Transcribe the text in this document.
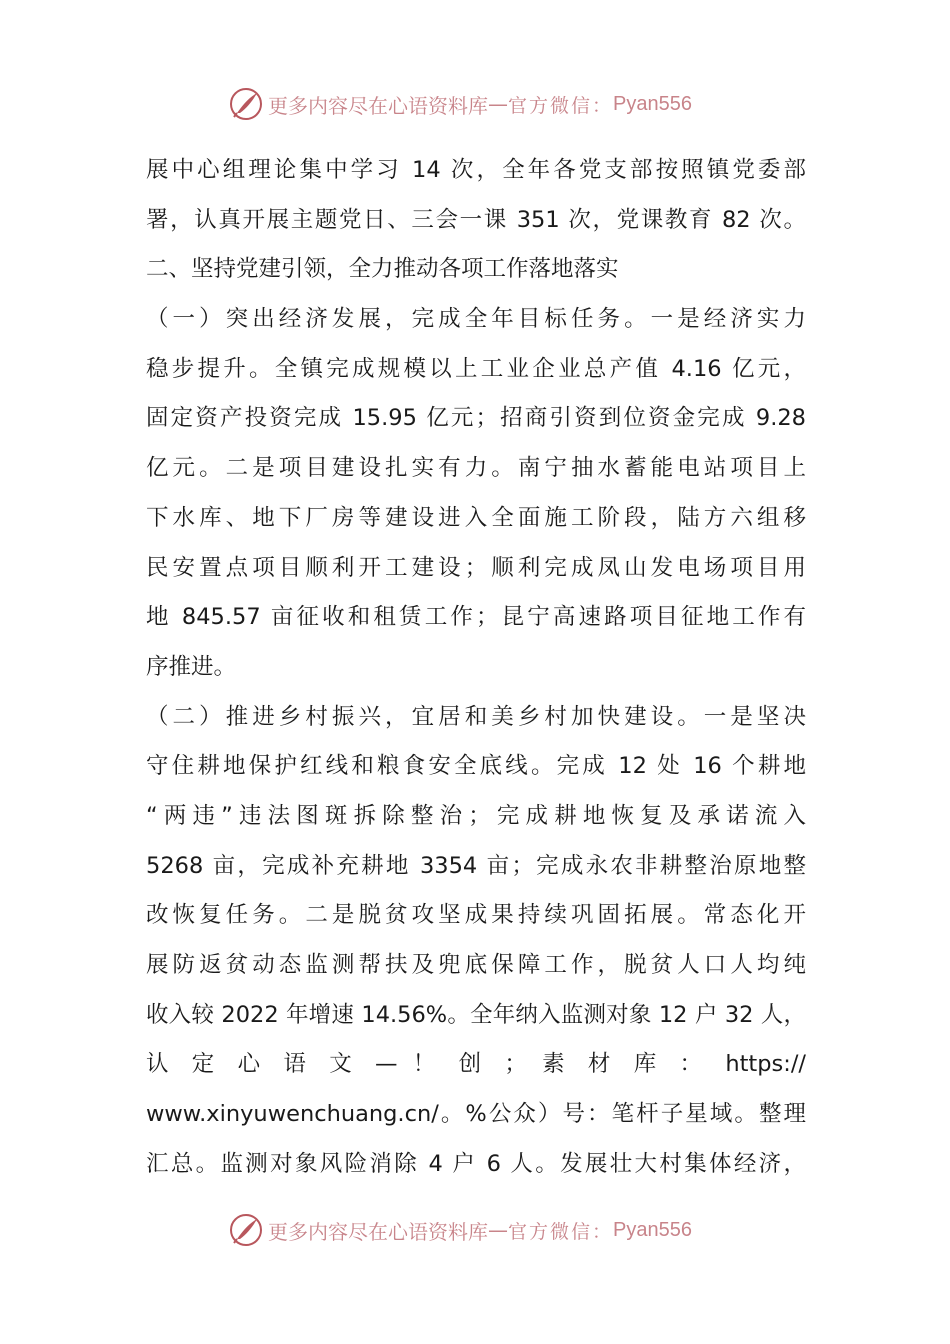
更多内容尽在心语资料库 — 官方微信： Pyan556
展中心组理论集中学习 14 次，全年各党支部按照镇党委部
署，认真开展主题党日、三会一课 351 次，党课教育 82 次。
二、坚持党建引领，全力推动各项工作落地落实
（一）突出经济发展，完成全年目标任务。一是经济实力
稳步提升。全镇完成规模以上工业企业总产值 4.16 亿元，
固定资产投资完成 15.95 亿元；招商引资到位资金完成 9.28
亿元。二是项目建设扎实有力。南宁抽水蓄能电站项目上
下水库、地下厂房等建设进入全面施工阶段，陆方六组移
民安置点项目顺利开工建设；顺利完成凤山发电场项目用
地 845.57 亩征收和租赁工作；昆宁高速路项目征地工作有
序推进。
（二）推进乡村振兴，宜居和美乡村加快建设。一是坚决
守住耕地保护红线和粮食安全底线。完成 12 处 16 个耕地
“两违”违法图斑拆除整治；完成耕地恢复及承诺流入
5268 亩，完成补充耕地 3354 亩；完成永农非耕整治原地整
改恢复任务。二是脱贫攻坚成果持续巩固拓展。常态化开
展防返贫动态监测帮扶及兜底保障工作，脱贫人口人均纯
收入较 2022 年增速 14.56%。全年纳入监测对象 12 户 32 人，
认 定 心 语 文 — ！ 创 ； 素 材 库 ： https://
www.xinyuwenchuang.cn/。%公众）号：笔杆子星域。整理
汇总。监测对象风险消除 4 户 6 人。发展壮大村集体经济，
更多内容尽在心语资料库 — 官方微信： Pyan556
